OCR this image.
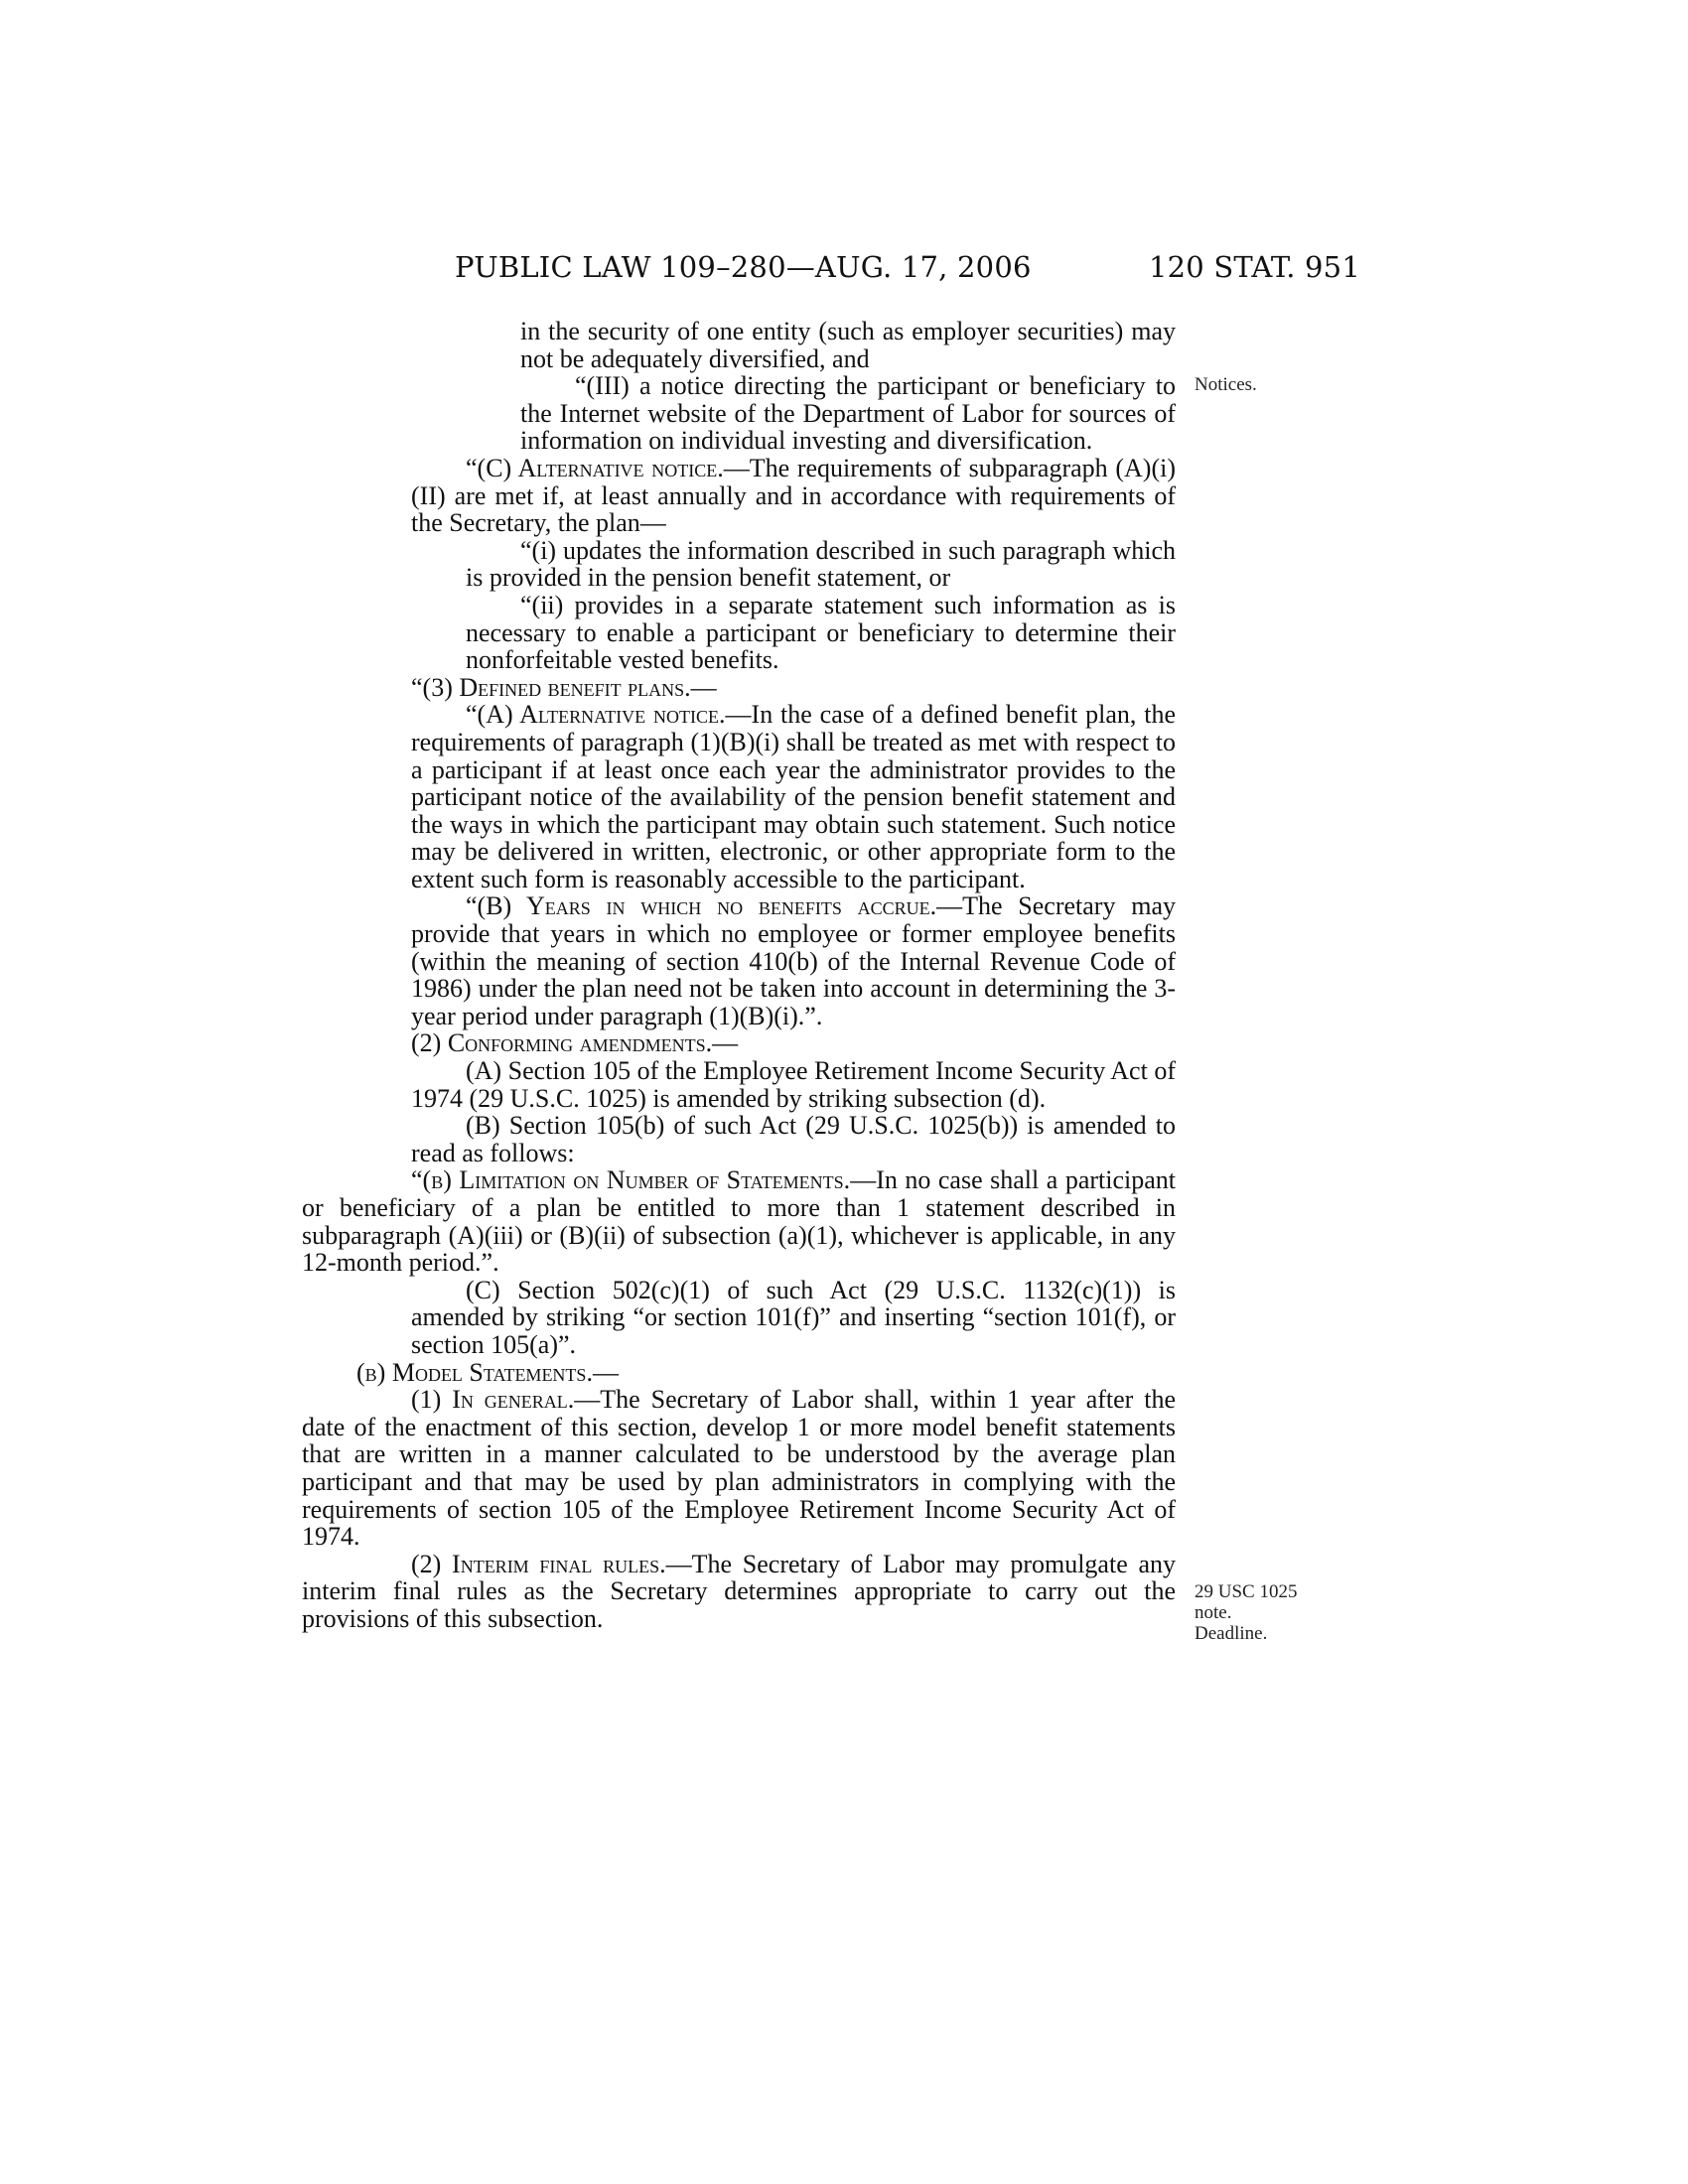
PUBLIC LAW 109–280—AUG. 17, 2006	120 STAT. 951
Notices.
29 USC 1025
note.
Deadline.

in the security of one entity (such as employer securities) may not be adequately diversified, and

“(III) a notice directing the participant or beneficiary to the Internet website of the Department of Labor for sources of information on individual investing and diversification.

“(C) Alternative notice.—The requirements of subparagraph (A)(i)(II) are met if, at least annually and in accordance with requirements of the Secretary, the plan—

“(i) updates the information described in such paragraph which is provided in the pension benefit statement, or

“(ii) provides in a separate statement such information as is necessary to enable a participant or beneficiary to determine their nonforfeitable vested benefits.

“(3) Defined benefit plans.—

“(A) Alternative notice.—In the case of a defined benefit plan, the requirements of paragraph (1)(B)(i) shall be treated as met with respect to a participant if at least once each year the administrator provides to the participant notice of the availability of the pension benefit statement and the ways in which the participant may obtain such statement. Such notice may be delivered in written, electronic, or other appropriate form to the extent such form is reasonably accessible to the participant.

“(B) Years in which no benefits accrue.—The Secretary may provide that years in which no employee or former employee benefits (within the meaning of section 410(b) of the Internal Revenue Code of 1986) under the plan need not be taken into account in determining the 3-year period under paragraph (1)(B)(i).”.

(2) Conforming amendments.—

(A) Section 105 of the Employee Retirement Income Security Act of 1974 (29 U.S.C. 1025) is amended by striking subsection (d).

(B) Section 105(b) of such Act (29 U.S.C. 1025(b)) is amended to read as follows:

“(b) Limitation on Number of Statements.—In no case shall a participant or beneficiary of a plan be entitled to more than 1 statement described in subparagraph (A)(iii) or (B)(ii) of subsection (a)(1), whichever is applicable, in any 12-month period.”.

(C) Section 502(c)(1) of such Act (29 U.S.C. 1132(c)(1)) is amended by striking “or section 101(f)” and inserting “section 101(f), or section 105(a)”.

(b) Model Statements.—

(1) In general.—The Secretary of Labor shall, within 1 year after the date of the enactment of this section, develop 1 or more model benefit statements that are written in a manner calculated to be understood by the average plan participant and that may be used by plan administrators in complying with the requirements of section 105 of the Employee Retirement Income Security Act of 1974.

(2) Interim final rules.—The Secretary of Labor may promulgate any interim final rules as the Secretary determines appropriate to carry out the provisions of this subsection.
